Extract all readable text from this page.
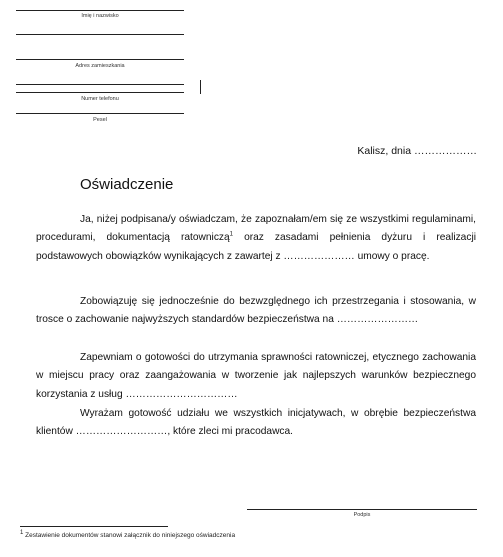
Imię i nazwisko
Adres zamieszkania
Numer telefonu
Pesel
Kalisz, dnia ………………
Oświadczenie

Ja, niżej podpisana/y oświadczam, że zapoznałam/em się ze wszystkimi regulaminami, procedurami, dokumentacją ratowniczą$^1$ oraz zasadami pełnienia dyżuru i realizacji podstawowych obowiązków wynikających z zawartej z ………………… umowy o pracę.

Zobowiązuję się jednocześnie do bezwzględnego ich przestrzegania i stosowania, w trosce o zachowanie najwyższych standardów bezpieczeństwa na ……………………

Zapewniam o gotowości do utrzymania sprawności ratowniczej, etycznego zachowania w miejscu pracy oraz zaangażowania w tworzenie jak najlepszych warunków bezpiecznego korzystania z usług ……………………………

Wyrażam gotowość udziału we wszystkich inicjatywach, w obrębie bezpieczeństwa klientów ………………………, które zleci mi pracodawca.

Podpis
1 Zestawienie dokumentów stanowi załącznik do niniejszego oświadczenia
